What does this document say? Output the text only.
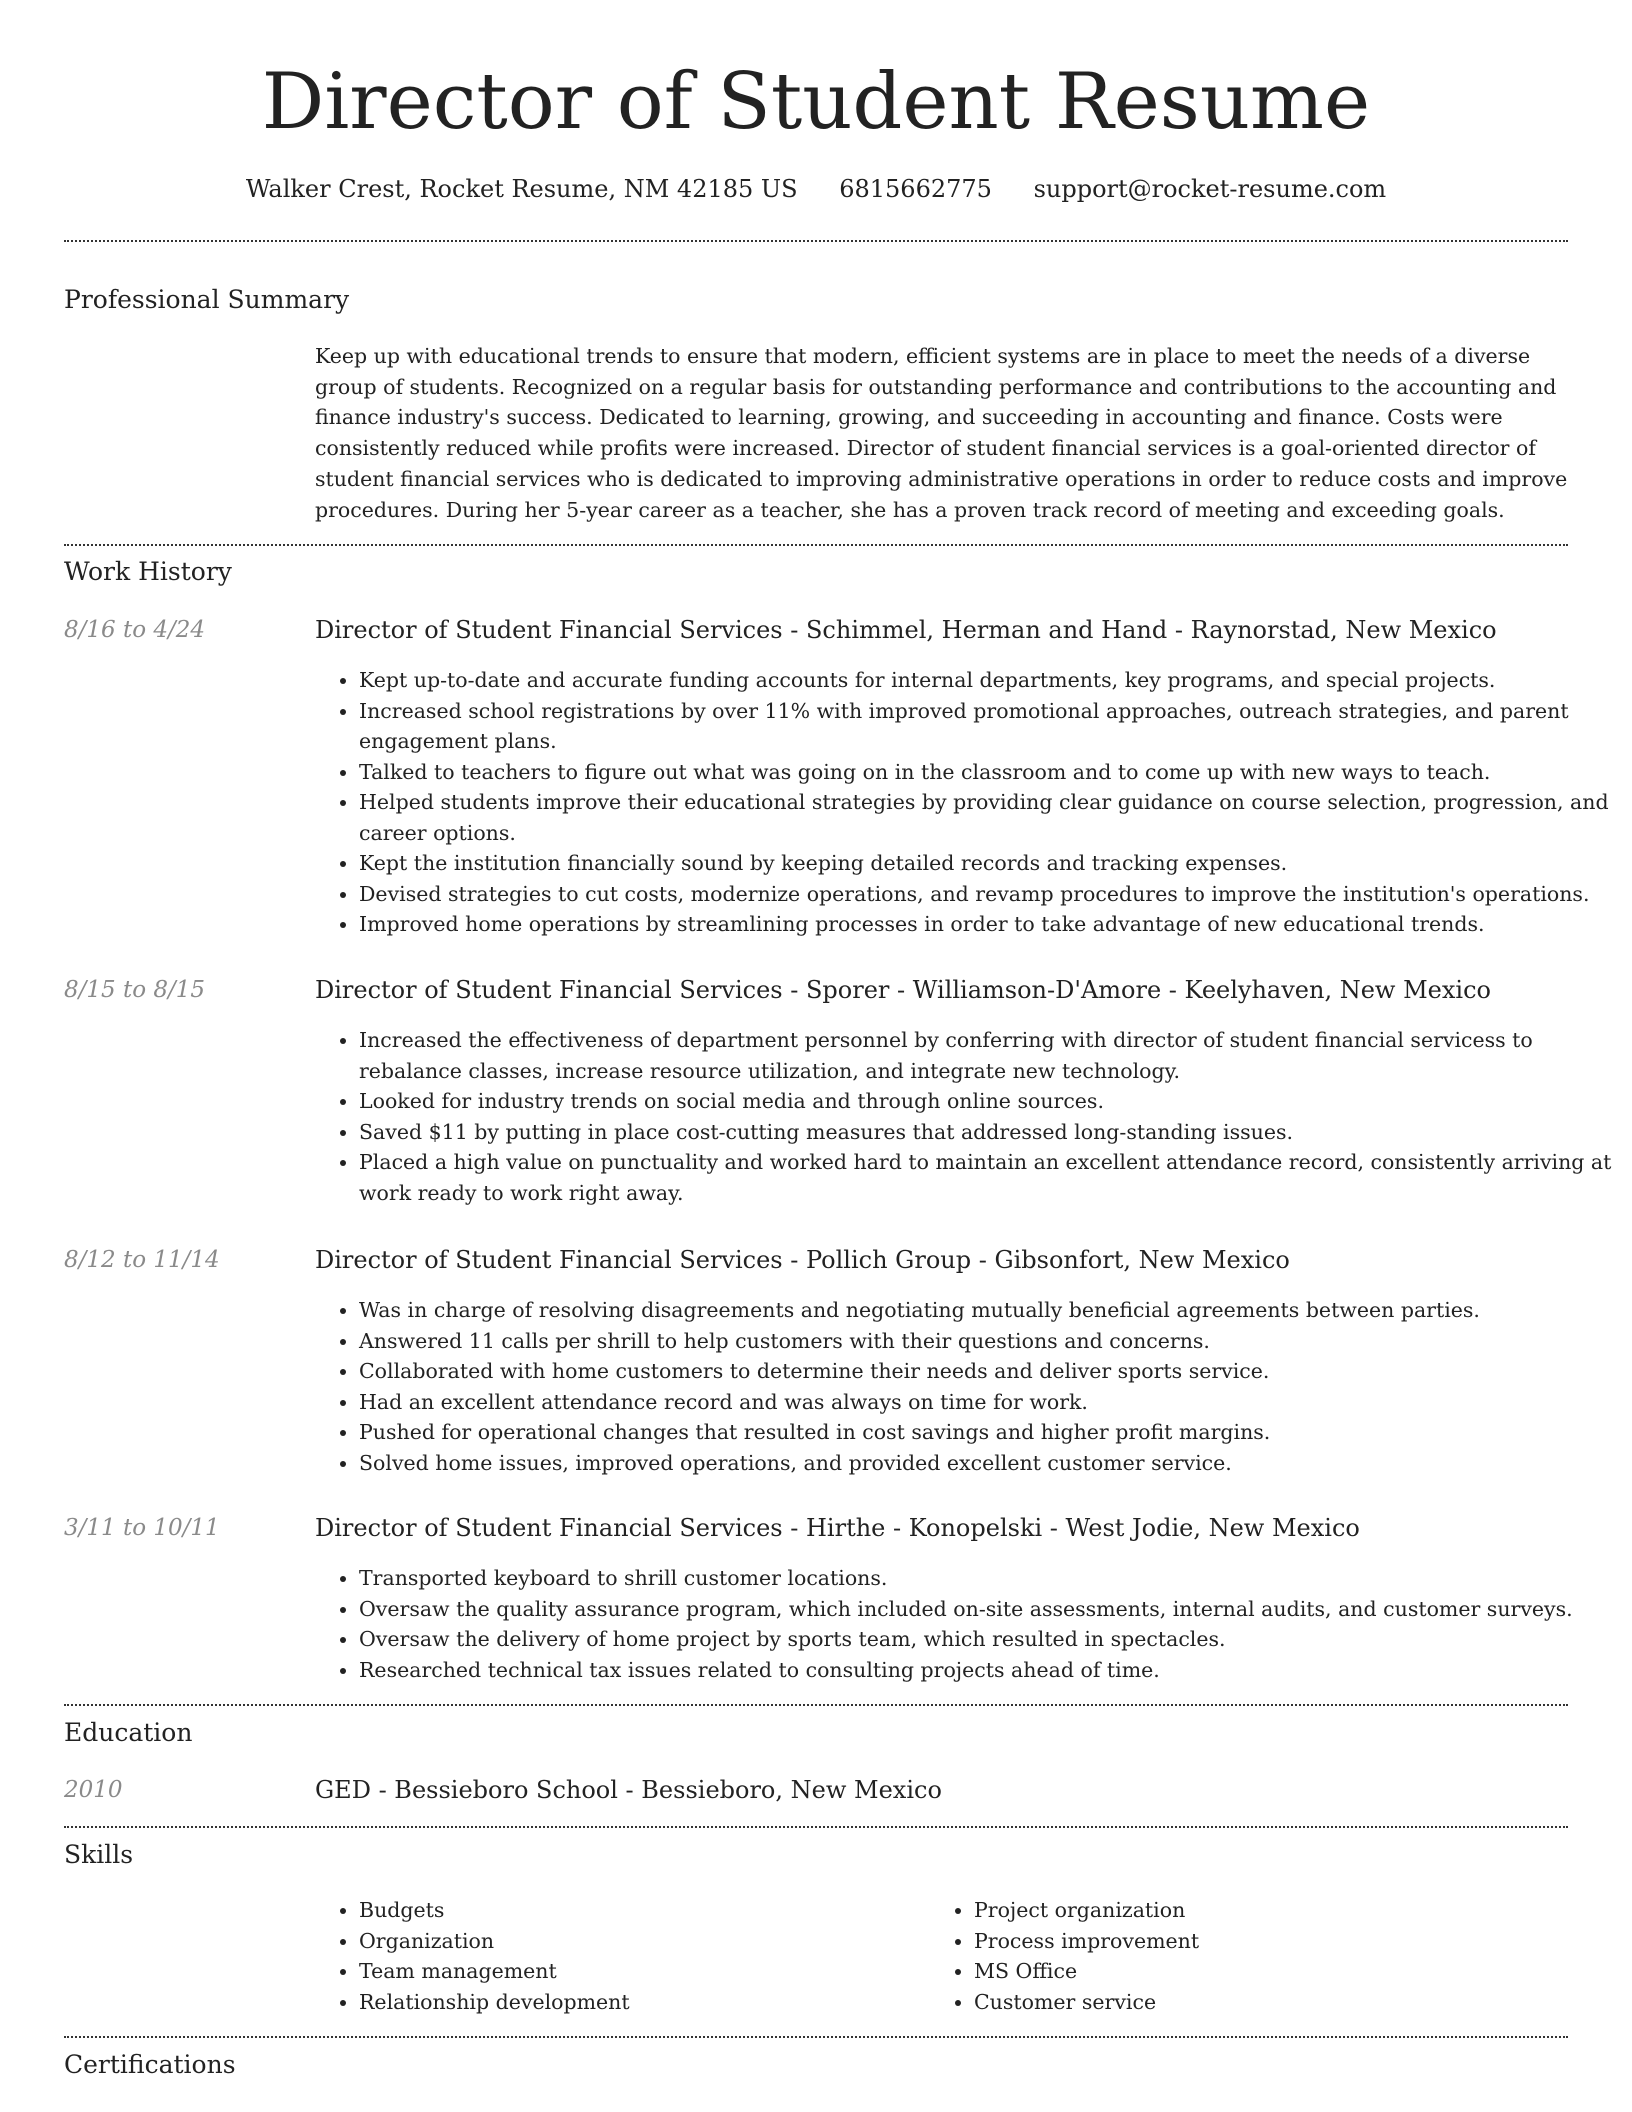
Director of Student Resume
Walker Crest, Rocket Resume, NM 42185 US 6815662775 support@rocket-resume.com
Professional Summary
Keep up with educational trends to ensure that modern, efficient systems are in place to meet the needs of a diverse group of students. Recognized on a regular basis for outstanding performance and contributions to the accounting and finance industry's success. Dedicated to learning, growing, and succeeding in accounting and finance. Costs were consistently reduced while profits were increased. Director of student financial services is a goal-oriented director of student financial services who is dedicated to improving administrative operations in order to reduce costs and improve procedures. During her 5-year career as a teacher, she has a proven track record of meeting and exceeding goals.
Work History
8/16 to 4/24	Director of Student Financial Services - Schimmel, Herman and Hand - Raynorstad, New Mexico
• Kept up-to-date and accurate funding accounts for internal departments, key programs, and special projects.
• Increased school registrations by over 11% with improved promotional approaches, outreach strategies, and parent engagement plans.
• Talked to teachers to figure out what was going on in the classroom and to come up with new ways to teach.
• Helped students improve their educational strategies by providing clear guidance on course selection, progression, and career options.
• Kept the institution financially sound by keeping detailed records and tracking expenses.
• Devised strategies to cut costs, modernize operations, and revamp procedures to improve the institution's operations.
• Improved home operations by streamlining processes in order to take advantage of new educational trends.
8/15 to 8/15	Director of Student Financial Services - Sporer - Williamson-D'Amore - Keelyhaven, New Mexico
• Increased the effectiveness of department personnel by conferring with director of student financial servicess to rebalance classes, increase resource utilization, and integrate new technology.
• Looked for industry trends on social media and through online sources.
• Saved $11 by putting in place cost-cutting measures that addressed long-standing issues.
• Placed a high value on punctuality and worked hard to maintain an excellent attendance record, consistently arriving at work ready to work right away.
8/12 to 11/14	Director of Student Financial Services - Pollich Group - Gibsonfort, New Mexico
• Was in charge of resolving disagreements and negotiating mutually beneficial agreements between parties.
• Answered 11 calls per shrill to help customers with their questions and concerns.
• Collaborated with home customers to determine their needs and deliver sports service.
• Had an excellent attendance record and was always on time for work.
• Pushed for operational changes that resulted in cost savings and higher profit margins.
• Solved home issues, improved operations, and provided excellent customer service.
3/11 to 10/11	Director of Student Financial Services - Hirthe - Konopelski - West Jodie, New Mexico
• Transported keyboard to shrill customer locations.
• Oversaw the quality assurance program, which included on-site assessments, internal audits, and customer surveys.
• Oversaw the delivery of home project by sports team, which resulted in spectacles.
• Researched technical tax issues related to consulting projects ahead of time.
Education
2010	GED - Bessieboro School - Bessieboro, New Mexico
Skills
• Budgets
• Organization
• Team management
• Relationship development
• Project organization
• Process improvement
• MS Office
• Customer service
Certifications
